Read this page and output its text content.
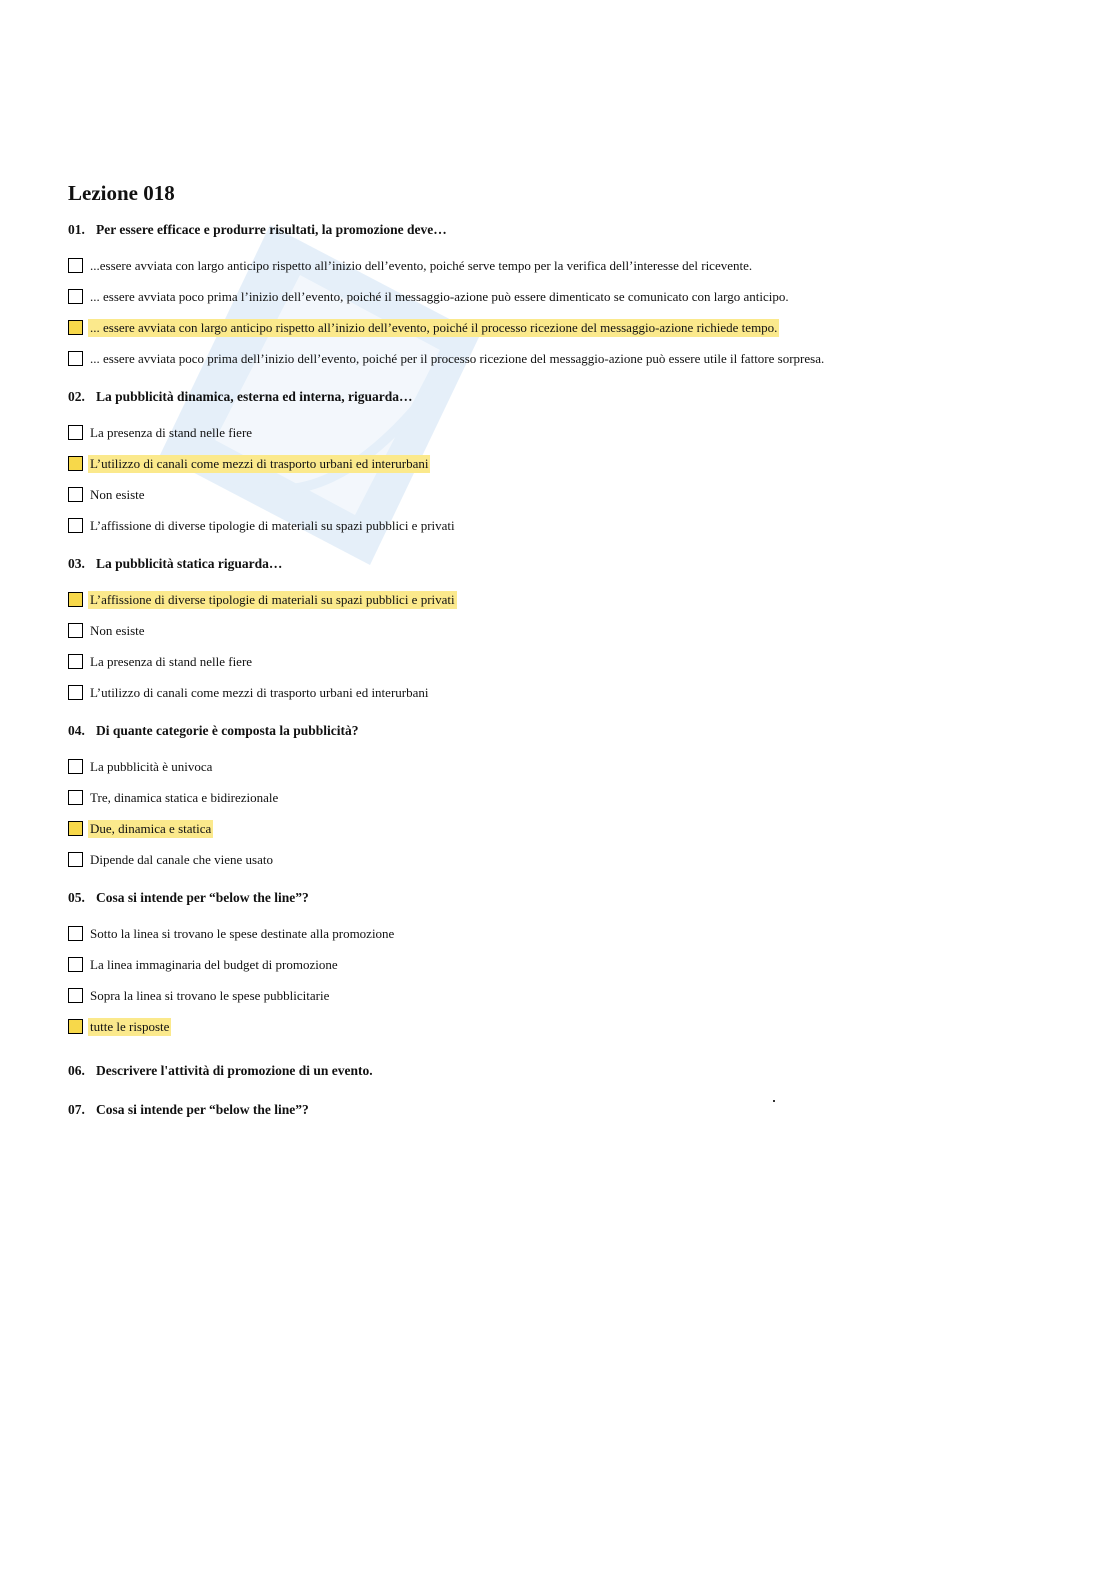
Lezione 018
01. Per essere efficace e produrre risultati, la promozione deve…
...essere avviata con largo anticipo rispetto all’inizio dell’evento, poiché serve tempo per la verifica dell’interesse del ricevente.
... essere avviata poco prima l’inizio dell’evento, poiché il messaggio-azione può essere dimenticato se comunicato con largo anticipo.
... essere avviata con largo anticipo rispetto all’inizio dell’evento, poiché il processo ricezione del messaggio-azione richiede tempo.
... essere avviata poco prima dell’inizio dell’evento, poiché per il processo ricezione del messaggio-azione può essere utile il fattore sorpresa.
02. La pubblicità dinamica, esterna ed interna, riguarda…
La presenza di stand nelle fiere
L’utilizzo di canali come mezzi di trasporto urbani ed interurbani
Non esiste
L’affissione di diverse tipologie di materiali su spazi pubblici e privati
03. La pubblicità statica riguarda…
L’affissione di diverse tipologie di materiali su spazi pubblici e privati
Non esiste
La presenza di stand nelle fiere
L’utilizzo di canali come mezzi di trasporto urbani ed interurbani
04. Di quante categorie è composta la pubblicità?
La pubblicità è univoca
Tre, dinamica statica e bidirezionale
Due, dinamica e statica
Dipende dal canale che viene usato
05. Cosa si intende per “below the line”?
Sotto la linea si trovano le spese destinate alla promozione
La linea immaginaria del budget di promozione
Sopra la linea si trovano le spese pubblicitarie
tutte le risposte
06. Descrivere l'attività di promozione di un evento.
07. Cosa si intende per “below the line”?
